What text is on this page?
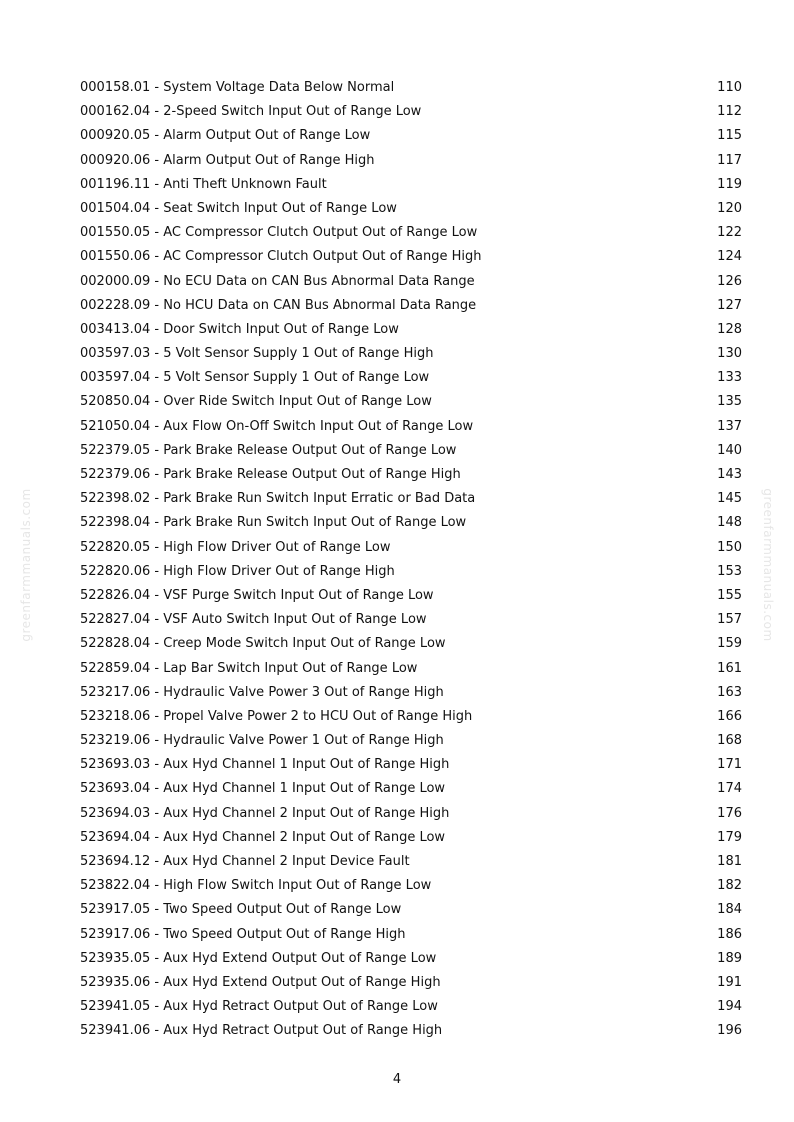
greenfarmmanuals.com	greenfarmmanuals.com
000158.01 - System Voltage Data Below Normal	110
000162.04 - 2-Speed Switch Input Out of Range Low	112
000920.05 - Alarm Output Out of Range Low	115
000920.06 - Alarm Output Out of Range High	117
001196.11 - Anti Theft Unknown Fault	119
001504.04 - Seat Switch Input Out of Range Low	120
001550.05 - AC Compressor Clutch Output Out of Range Low	122
001550.06 - AC Compressor Clutch Output Out of Range High	124
002000.09 - No ECU Data on CAN Bus Abnormal Data Range	126
002228.09 - No HCU Data on CAN Bus Abnormal Data Range	127
003413.04 - Door Switch Input Out of Range Low	128
003597.03 - 5 Volt Sensor Supply 1 Out of Range High	130
003597.04 - 5 Volt Sensor Supply 1 Out of Range Low	133
520850.04 - Over Ride Switch Input Out of Range Low	135
521050.04 - Aux Flow On-Off Switch Input Out of Range Low	137
522379.05 - Park Brake Release Output Out of Range Low	140
522379.06 - Park Brake Release Output Out of Range High	143
522398.02 - Park Brake Run Switch Input Erratic or Bad Data	145
522398.04 - Park Brake Run Switch Input Out of Range Low	148
522820.05 - High Flow Driver Out of Range Low	150
522820.06 - High Flow Driver Out of Range High	153
522826.04 - VSF Purge Switch Input Out of Range Low	155
522827.04 - VSF Auto Switch Input Out of Range Low	157
522828.04 - Creep Mode Switch Input Out of Range Low	159
522859.04 - Lap Bar Switch Input Out of Range Low	161
523217.06 - Hydraulic Valve Power 3 Out of Range High	163
523218.06 - Propel Valve Power 2 to HCU Out of Range High	166
523219.06 - Hydraulic Valve Power 1 Out of Range High	168
523693.03 - Aux Hyd Channel 1 Input Out of Range High	171
523693.04 - Aux Hyd Channel 1 Input Out of Range Low	174
523694.03 - Aux Hyd Channel 2 Input Out of Range High	176
523694.04 - Aux Hyd Channel 2 Input Out of Range Low	179
523694.12 - Aux Hyd Channel 2 Input Device Fault	181
523822.04 - High Flow Switch Input Out of Range Low	182
523917.05 - Two Speed Output Out of Range Low	184
523917.06 - Two Speed Output Out of Range High	186
523935.05 - Aux Hyd Extend Output Out of Range Low	189
523935.06 - Aux Hyd Extend Output Out of Range High	191
523941.05 - Aux Hyd Retract Output Out of Range Low	194
523941.06 - Aux Hyd Retract Output Out of Range High	196

4
